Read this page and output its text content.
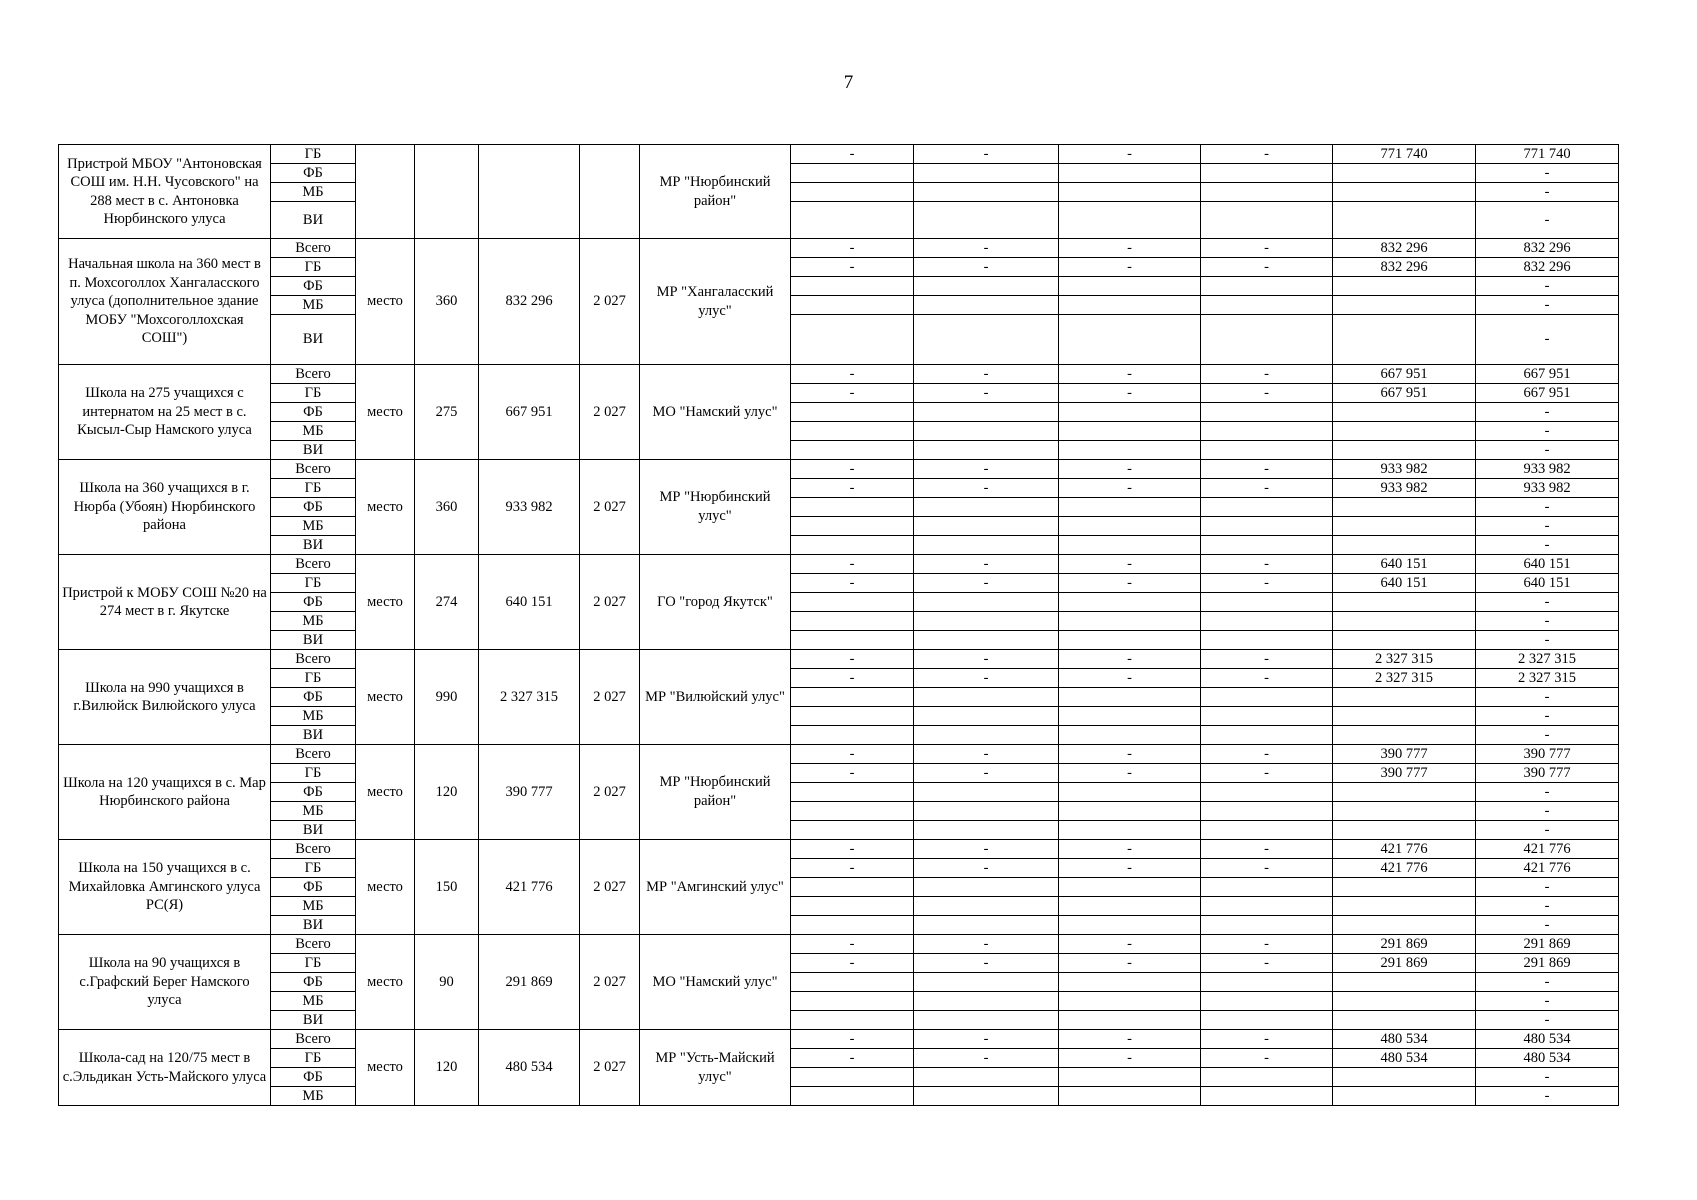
7
Пристрой МБОУ "Антоновская СОШ им. Н.Н. Чусовского" на 288 мест в с. Антоновка Нюрбинского улуса	ГБ					МР "Нюрбинский район"	-	-	-	-	771 740	771 740
	ФБ											-
	МБ											-
	ВИ											-
Начальная школа на 360 мест в п. Мохсоголлох Хангаласского улуса (дополнительное здание МОБУ "Мохсоголлохская СОШ")	Всего	место	360	832 296	2 027	МР "Хангаласский улус"	-	-	-	-	832 296	832 296
	ГБ						-	-	-	-	832 296	832 296
	ФБ											-
	МБ											-
	ВИ											-
Школа на 275 учащихся с интернатом на 25 мест в с. Кысыл-Сыр Намского улуса	Всего	место	275	667 951	2 027	МО "Намский улус"	-	-	-	-	667 951	667 951
	ГБ						-	-	-	-	667 951	667 951
	ФБ											-
	МБ											-
	ВИ											-
Школа на 360 учащихся в г. Нюрба (Убоян) Нюрбинского района	Всего	место	360	933 982	2 027	МР "Нюрбинский улус"	-	-	-	-	933 982	933 982
	ГБ						-	-	-	-	933 982	933 982
	ФБ											-
	МБ											-
	ВИ											-
Пристрой к МОБУ СОШ №20 на 274 мест в г. Якутске	Всего	место	274	640 151	2 027	ГО "город Якутск"	-	-	-	-	640 151	640 151
	ГБ						-	-	-	-	640 151	640 151
	ФБ											-
	МБ											-
	ВИ											-
Школа на 990 учащихся в г.Вилюйск Вилюйского улуса	Всего	место	990	2 327 315	2 027	МР "Вилюйский улус"	-	-	-	-	2 327 315	2 327 315
	ГБ						-	-	-	-	2 327 315	2 327 315
	ФБ											-
	МБ											-
	ВИ											-
Школа на 120 учащихся в с. Мар Нюрбинского района	Всего	место	120	390 777	2 027	МР "Нюрбинский район"	-	-	-	-	390 777	390 777
	ГБ						-	-	-	-	390 777	390 777
	ФБ											-
	МБ											-
	ВИ											-
Школа на 150 учащихся в с. Михайловка Амгинского улуса РС(Я)	Всего	место	150	421 776	2 027	МР "Амгинский улус"	-	-	-	-	421 776	421 776
	ГБ						-	-	-	-	421 776	421 776
	ФБ											-
	МБ											-
	ВИ											-
Школа на 90 учащихся в с.Графский Берег Намского улуса	Всего	место	90	291 869	2 027	МО "Намский улус"	-	-	-	-	291 869	291 869
	ГБ						-	-	-	-	291 869	291 869
	ФБ											-
	МБ											-
	ВИ											-
Школа-сад на 120/75 мест в с.Эльдикан Усть-Майского улуса	Всего	место	120	480 534	2 027	МР "Усть-Майский улус"	-	-	-	-	480 534	480 534
	ГБ						-	-	-	-	480 534	480 534
	ФБ											-
	МБ											-
